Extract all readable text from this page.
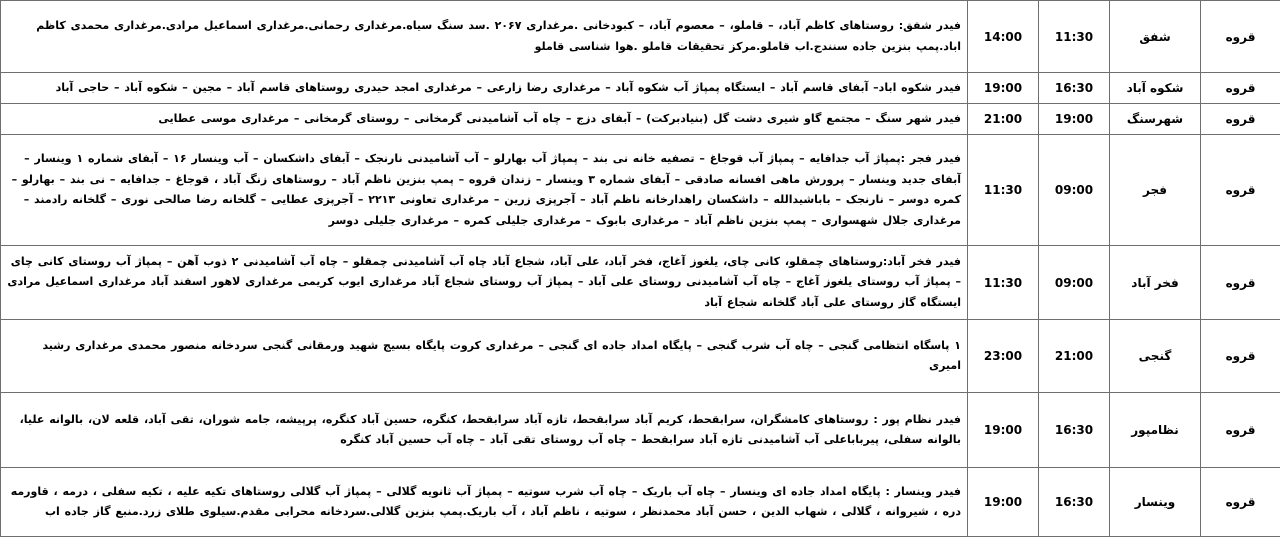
قروه	شفق	11:30	14:00	فیدر شفق: روستاهای کاظم آباد، – قاملو، – معصوم آباد، – کبودخانی .مرغداری ۲۰۶۷ .سد سنگ سیاه.مرغداری رحمانی.مرغداری اسماعیل مرادی.مرغداری محمدی کاظم اباد.پمپ بنزین جاده سنندج.اب قاملو.مرکز تحقیقات قاملو .هوا شناسی قاملو
قروه	شکوه آباد	16:30	19:00	فیدر شکوه اباد– آبفای قاسم آباد – ایستگاه پمپاژ آب شکوه آباد – مرغداری رضا زارعی – مرغداری امجد حیدری روستاهای قاسم آباد – مجین – شکوه آباد – حاجی آباد
قروه	شهرسنگ	19:00	21:00	فیدر شهر سنگ – مجتمع گاو شیری دشت گل (بنیادبرکت) – آبفای دزج – چاه آب آشامیدنی گرمخانی – روستای گرمخانی – مرغداری موسی عطایی
قروه	فجر	09:00	11:30	فیدر فجر :پمپاژ آب جدافایه – پمپاژ آب قوجاغ – تصفیه خانه نی بند – پمپاژ آب بهارلو – آب آشامیدنی نارنجک – آبفای داشکسان – آب وینسار ۱۶ – آبفای شماره ۱ وینسار – آبفای جدید وینسار – پرورش ماهی افسانه صادقی – آبفای شماره ۳ وینسار – زندان قروه – پمپ بنزین ناظم آباد – روستاهای زنگ آباد ، قوجاغ – جدافایه – نی بند – بهارلو – کمره دوسر – نارنجک – باباشیدالله – داشکسان راهدارخانه ناظم آباد – آجرپزی زرین – مرغداری تعاونی ۲۲۱۳ – آجرپزی عطایی – گلخانه رضا صالحی نوری – گلخانه رادمند – مرغداری جلال شهسواری – پمپ بنزین ناظم آباد – مرغداری بابوک – مرغداری جلیلی کمره – مرغداری جلیلی دوسر
قروه	فخر آباد	09:00	11:30	فیدر فخر آباد:روستاهای چمقلو، کانی چای، یلغوز آغاج، فخر آباد، علی آباد، شجاع آباد چاه آب آشامیدنی چمقلو – چاه آب آشامیدنی ۲ ذوب آهن – پمپاژ آب روستای کانی چای – پمپاژ آب روستای یلغوز آغاج – چاه آب آشامیدنی روستای علی آباد – پمپاژ آب روستای شجاع آباد مرغداری ایوب کریمی مرغداری لاهور اسفند آباد مرغداری اسماعیل مرادی ایستگاه گاز روستای علی آباد گلخانه شجاع آباد
قروه	گنجی	21:00	23:00	۱ پاسگاه انتظامی گنجی – چاه آب شرب گنجی – پایگاه امداد جاده ای گنجی – مرغداری کروت پایگاه بسیج شهید ورمقانی گنجی سردخانه منصور محمدی مرغداری رشید امیری
قروه	نظامپور	16:30	19:00	فیدر نظام پور : روستاهای کامشگران، سرابقحط، کریم آباد سرابقحط، تازه آباد سرابقحط، کنگره، حسین آباد کنگره، پرپیشه، جامه شوران، تقی آباد، قلعه لان، بالوانه علیا، بالوانه سفلی، پیربابا‌علی آب آشامیدنی تازه آباد سرابقحط – چاه آب روستای تقی آباد – چاه آب حسین آباد کنگره
قروه	وینسار	16:30	19:00	فیدر وینسار : پایگاه امداد جاده ای وینسار – چاه آب باریک – چاه آب شرب سوتیه – پمپاژ آب ثانویه گلالی – پمپاژ آب گلالی روستاهای تکیه علیه ، تکیه سفلی ، درمه ، قاورمه دره ، شیروانه ، گلالی ، شهاب الدین ، حسن آباد محمدنظر ، سوتیه ، ناظم آباد ، آب باریک.پمپ بنزین گلالی.سردخانه محرابی مقدم.سیلوی طلای زرد.منبع گاز جاده اب
